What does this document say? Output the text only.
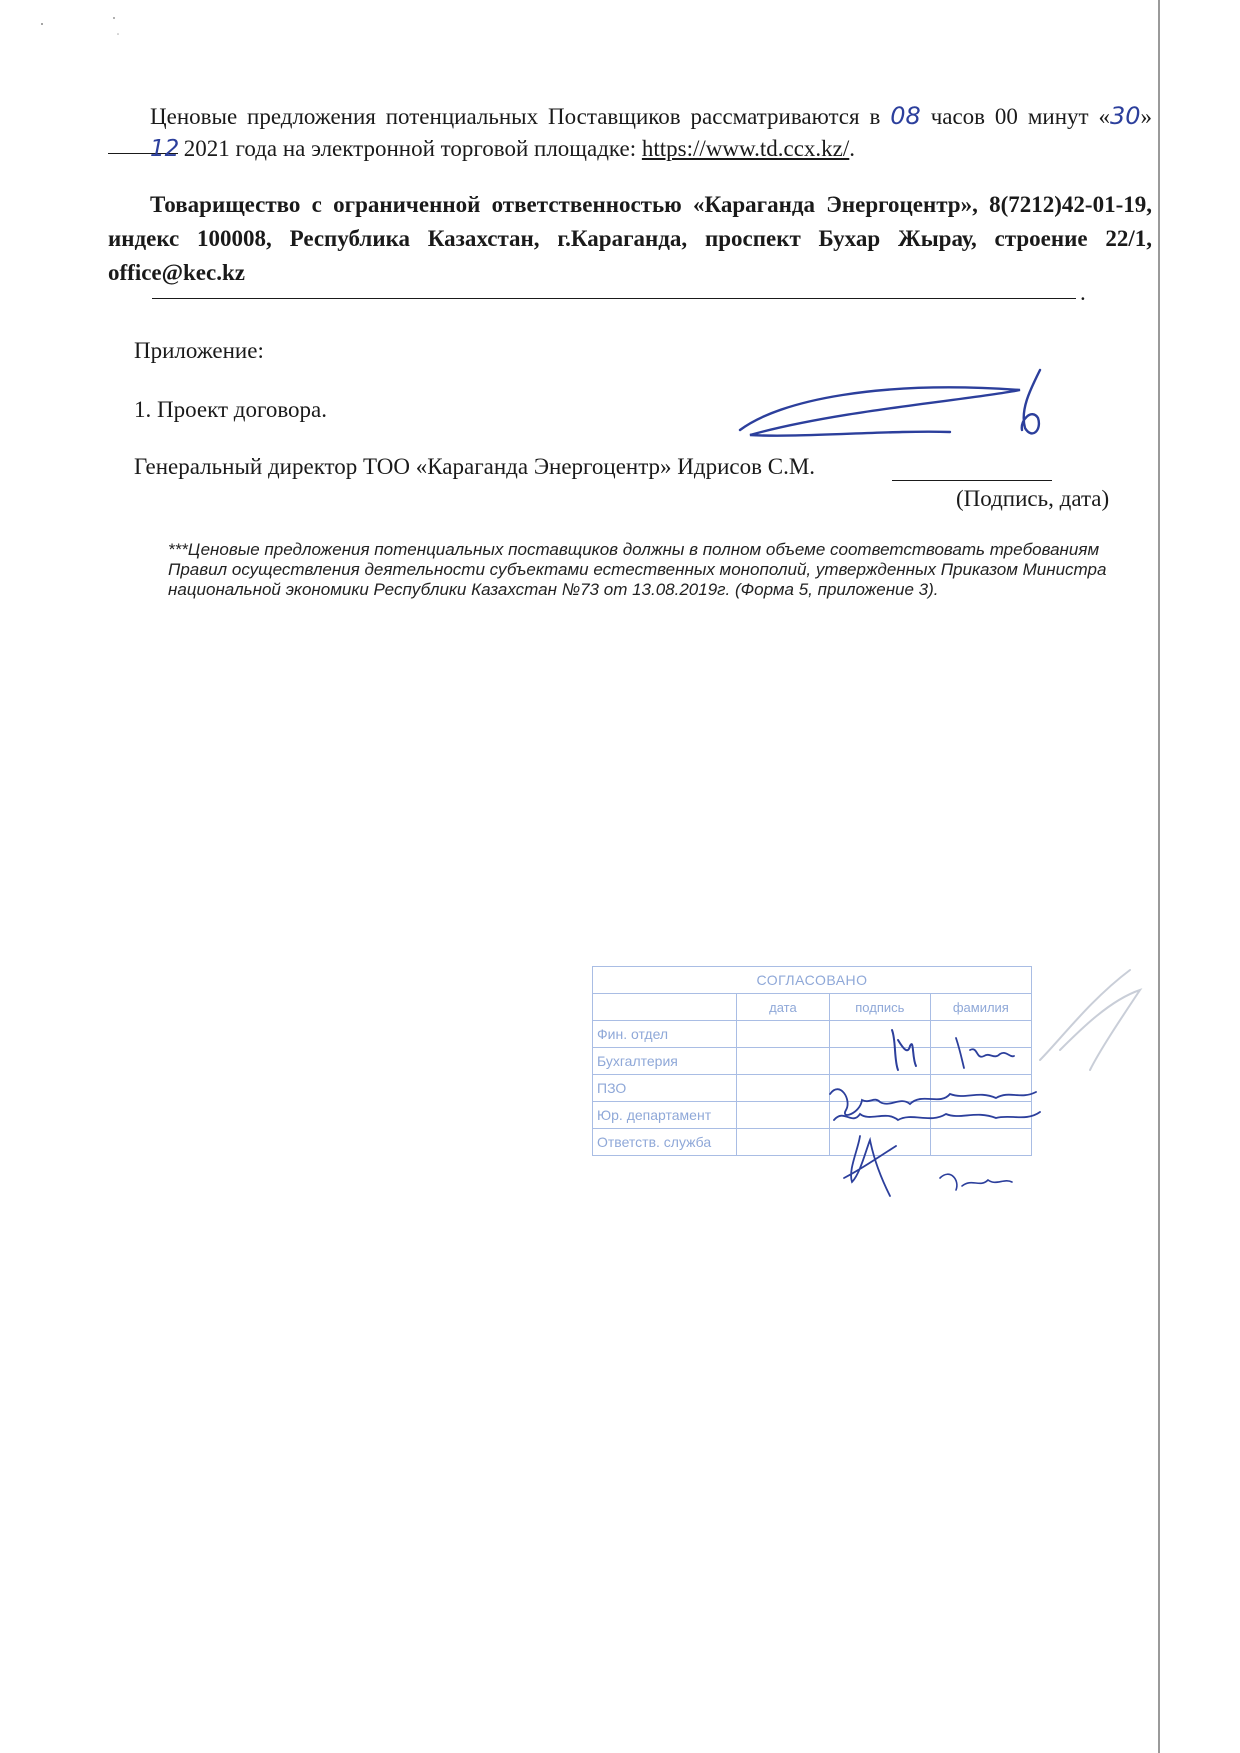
Ценовые предложения потенциальных Поставщиков рассматриваются в 08 часов 00 минут «30» 12 2021 года на электронной торговой площадке: https://www.td.ccx.kz/.

Товарищество с ограниченной ответственностью «Караганда Энергоцентр», 8(7212)42-01-19, индекс 100008, Республика Казахстан, г.Караганда, проспект Бухар Жырау, строение 22/1, office@kec.kz

.
Приложение:
1. Проект договора.
Генеральный директор ТОО «Караганда Энергоцентр» Идрисов С.М.
(Подпись, дата)
***Ценовые предложения потенциальных поставщиков должны в полном объеме соответствовать требованиям Правил осуществления деятельности субъектами естественных монополий, утвержденных Приказом Министра национальной экономики Республики Казахстан №73 от 13.08.2019г. (Форма 5, приложение 3).
СОГЛАСОВАНО			
	дата	подпись	фамилия
Фин. отдел			
Бухгалтерия			
ПЗО			
Юр. департамент			
Ответств. служба			
